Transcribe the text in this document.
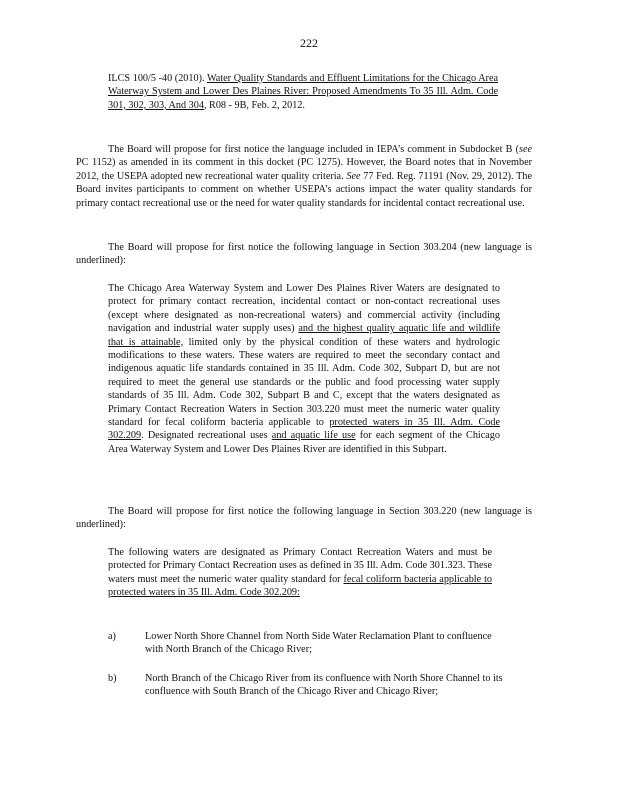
222

ILCS 100/5 -40 (2010). Water Quality Standards and Effluent Limitations for the Chicago Area Waterway System and Lower Des Plaines River: Proposed Amendments To 35 Ill. Adm. Code 301, 302, 303, And 304, R08 - 9B, Feb. 2, 2012.

The Board will propose for first notice the language included in IEPA’s comment in Subdocket B (see PC 1152) as amended in its comment in this docket (PC 1275). However, the Board notes that in November 2012, the USEPA adopted new recreational water quality criteria. See 77 Fed. Reg. 71191 (Nov. 29, 2012). The Board invites participants to comment on whether USEPA’s actions impact the water quality standards for primary contact recreational use or the need for water quality standards for incidental contact recreational use.

The Board will propose for first notice the following language in Section 303.204 (new language is underlined):

The Chicago Area Waterway System and Lower Des Plaines River Waters are designated to protect for primary contact recreation, incidental contact or non-contact recreational uses (except where designated as non-recreational waters) and commercial activity (including navigation and industrial water supply uses) and the highest quality aquatic life and wildlife that is attainable, limited only by the physical condition of these waters and hydrologic modifications to these waters. These waters are required to meet the secondary contact and indigenous aquatic life standards contained in 35 Ill. Adm. Code 302, Subpart D, but are not required to meet the general use standards or the public and food processing water supply standards of 35 Ill. Adm. Code 302, Subpart B and C, except that the waters designated as Primary Contact Recreation Waters in Section 303.220 must meet the numeric water quality standard for fecal coliform bacteria applicable to protected waters in 35 Ill. Adm. Code 302.209. Designated recreational uses and aquatic life use for each segment of the Chicago Area Waterway System and Lower Des Plaines River are identified in this Subpart.

The Board will propose for first notice the following language in Section 303.220 (new language is underlined):

The following waters are designated as Primary Contact Recreation Waters and must be protected for Primary Contact Recreation uses as defined in 35 Ill. Adm. Code 301.323. These waters must meet the numeric water quality standard for fecal coliform bacteria applicable to protected waters in 35 Ill. Adm. Code 302.209:

a)	Lower North Shore Channel from North Side Water Reclamation Plant to confluence with North Branch of the Chicago River;

b)	North Branch of the Chicago River from its confluence with North Shore Channel to its confluence with South Branch of the Chicago River and Chicago River;
